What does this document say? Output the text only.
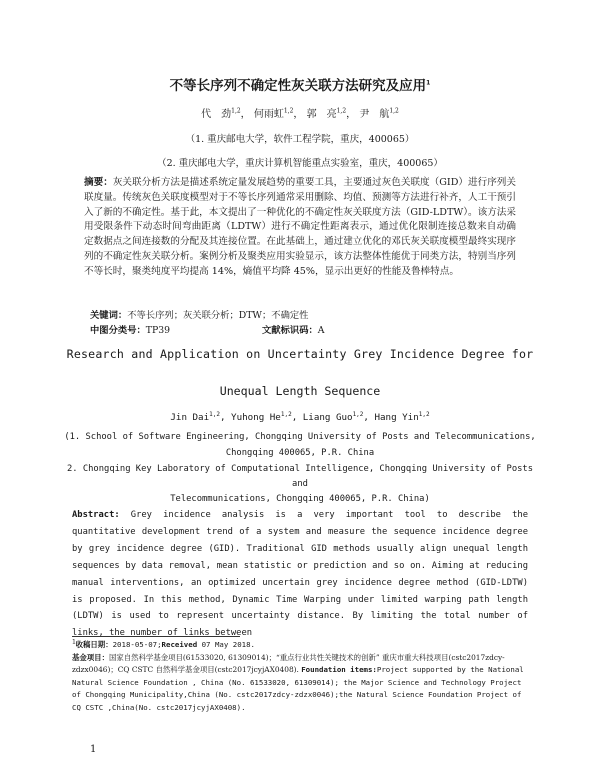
不等长序列不确定性灰关联方法研究及应用$^1$
代　劲$^{1,2}$， 何雨虹$^{1,2}$， 郭　亮$^{1,2}$， 尹　航$^{1,2}$
（1. 重庆邮电大学，软件工程学院，重庆，400065）
（2. 重庆邮电大学，重庆计算机智能重点实验室，重庆，400065）
摘要：灰关联分析方法是描述系统定量发展趋势的重要工具，主要通过灰色关联度（GID）进行序列关联度量。传统灰色关联度模型对于不等长序列通常采用删除、均值、预测等方法进行补齐，人工干预引入了新的不确定性。基于此，本文提出了一种优化的不确定性灰关联度方法（GID-LDTW）。该方法采用受限条件下动态时间弯曲距离（LDTW）进行不确定性距离表示，通过优化限制连接总数来自动确定数据点之间连接数的分配及其连接位置。在此基础上，通过建立优化的邓氏灰关联度模型最终实现序列的不确定性灰关联分析。案例分析及聚类应用实验显示，该方法整体性能优于同类方法，特别当序列不等长时，聚类纯度平均提高 14%，熵值平均降 45%，显示出更好的性能及鲁棒特点。
关键词：不等长序列；灰关联分析；DTW；不确定性
中图分类号：TP39	文献标识码：A
Research and Application on Uncertainty Grey Incidence Degree for
Unequal Length Sequence
Jin Dai$^{1,2}$, Yuhong He$^{1,2}$, Liang Guo$^{1,2}$, Hang Yin$^{1,2}$
(1. School of Software Engineering, Chongqing University of Posts and Telecommunications,
Chongqing 400065, P.R. China
2. Chongqing Key Laboratory of Computational Intelligence, Chongqing University of Posts
and
Telecommunications, Chongqing 400065, P.R. China)
Abstract: Grey incidence analysis is a very important tool to describe the quantitative development trend of a system and measure the sequence incidence degree by grey incidence degree (GID). Traditional GID methods usually align unequal length sequences by data removal, mean statistic or prediction and so on. Aiming at reducing manual interventions, an optimized uncertain grey incidence degree method (GID-LDTW) is proposed. In this method, Dynamic Time Warping under limited warping path length (LDTW) is used to represent uncertainty distance. By limiting the total number of links, the number of links between
$^1$收稿日期：2018-05-07;Received 07 May 2018.
基金项目：国家自然科学基金项目(61533020, 61309014)；“重点行业共性关键技术的创新” 重庆市重大科技项目(cstc2017zdcy-zdzx0046)；CQ CSTC 自然科学基金项目(cstc2017jcyjAX0408). Foundation items:Project supported by the National Natural Science Foundation , China (No. 61533020, 61309014); the Major Science and Technology Project of Chongqing Municipality,China (No. cstc2017zdcy-zdzx0046);the Natural Science Foundation Project of CQ CSTC ,China(No. cstc2017jcyjAX0408).
1
